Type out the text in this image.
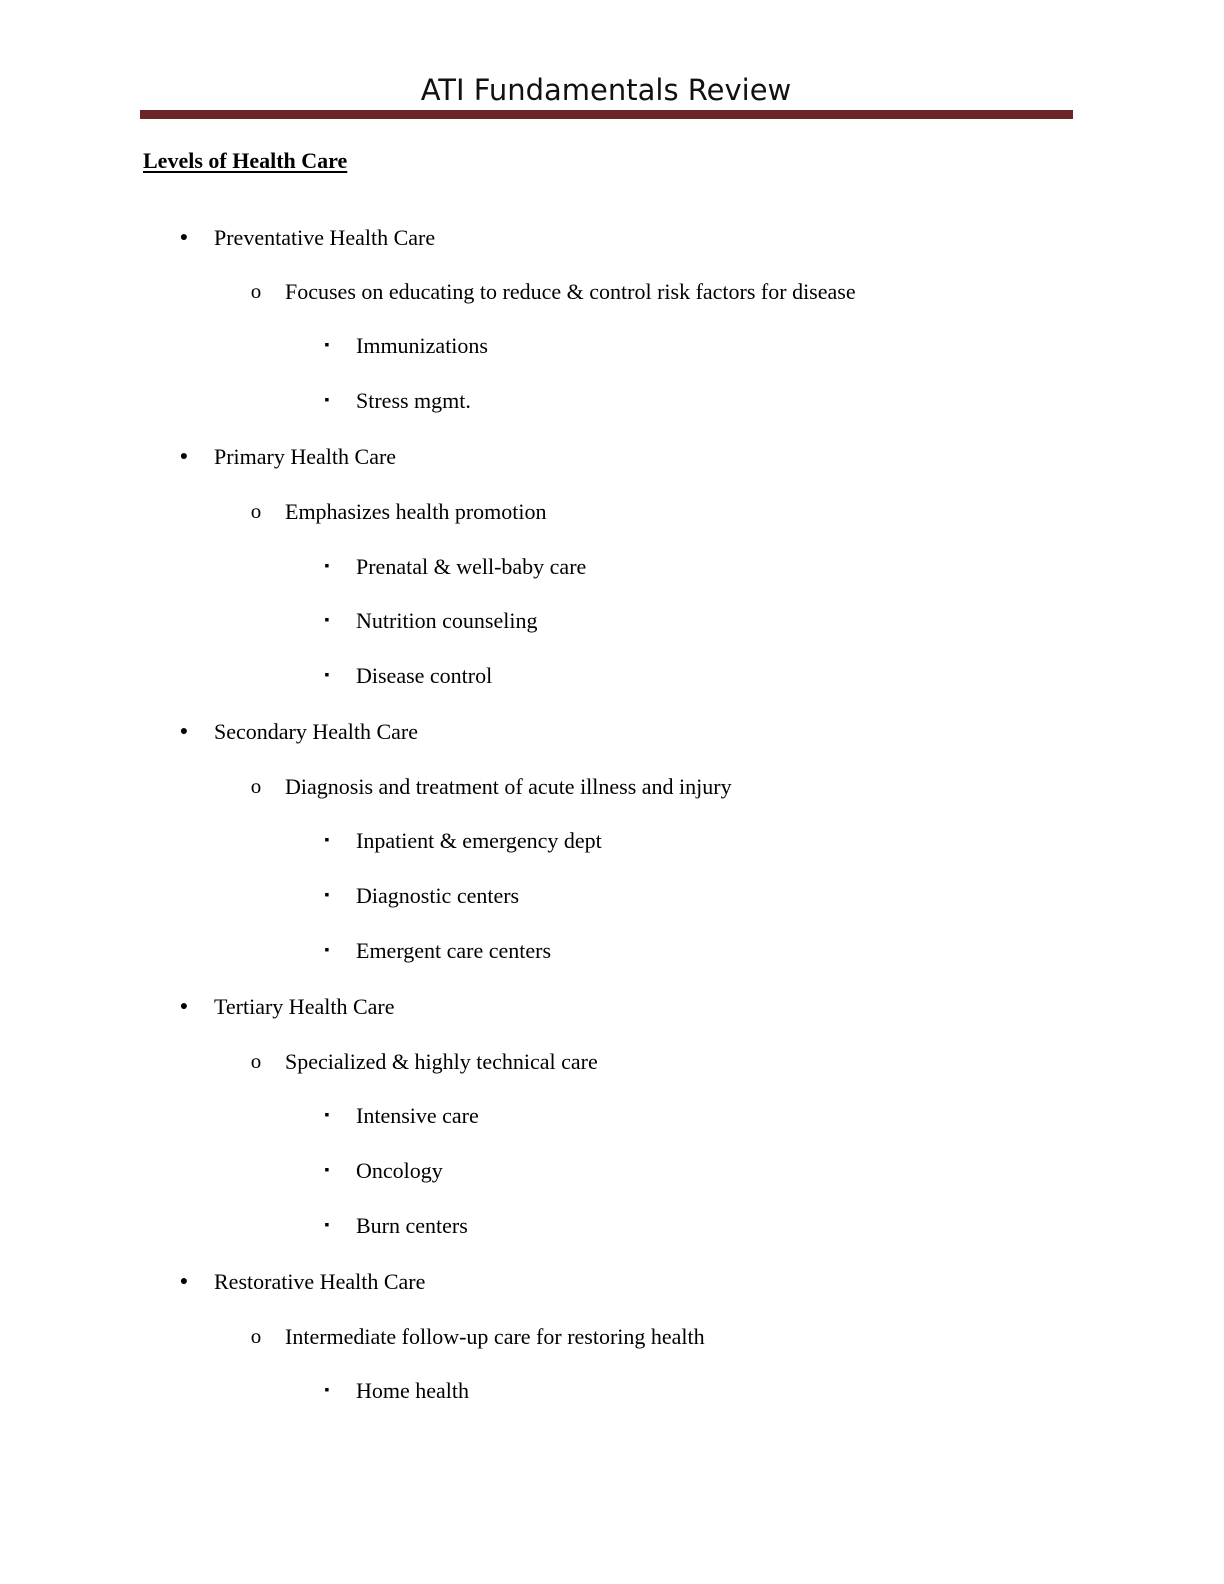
ATI Fundamentals Review
Levels of Health Care
● Preventative Health Care
o Focuses on educating to reduce & control risk factors for disease
▪	Immunizations
▪	Stress mgmt.
● Primary Health Care
o Emphasizes health promotion
▪	Prenatal & well-baby care
▪	Nutrition counseling
▪	Disease control
● Secondary Health Care
o Diagnosis and treatment of acute illness and injury
▪	Inpatient & emergency dept
▪	Diagnostic centers
▪	Emergent care centers
● Tertiary Health Care
o Specialized & highly technical care
▪	Intensive care
▪	Oncology
▪	Burn centers
● Restorative Health Care
o Intermediate follow-up care for restoring health
▪	Home health
